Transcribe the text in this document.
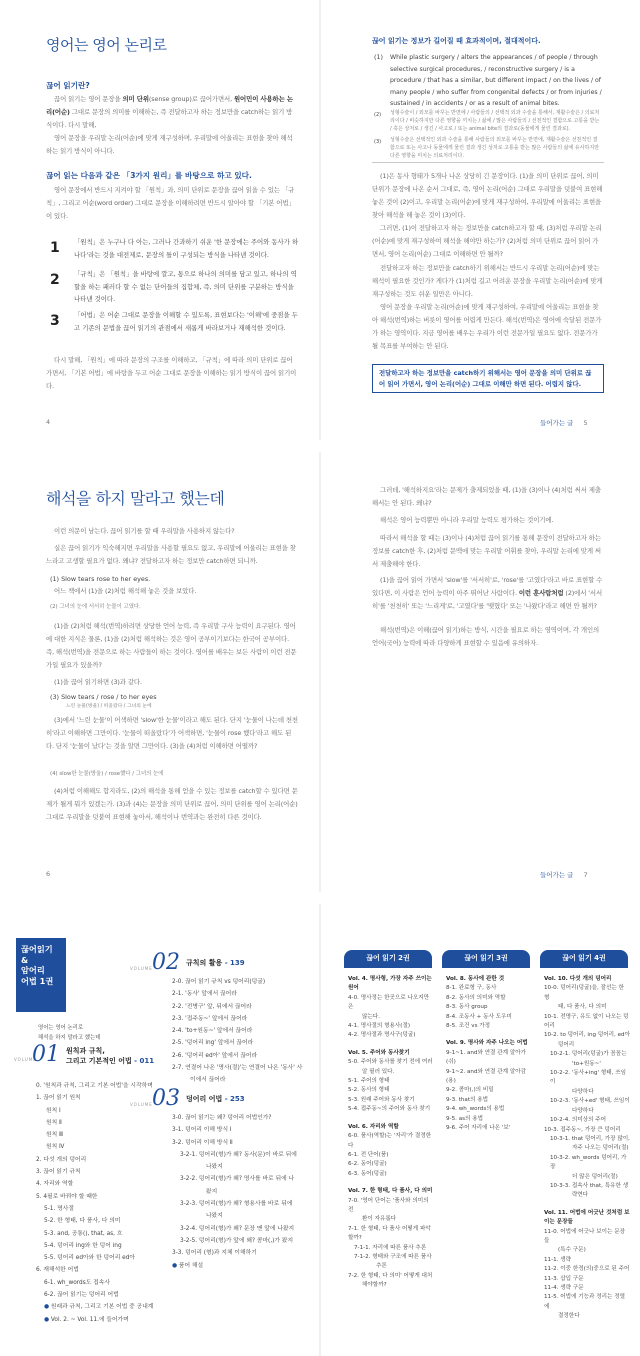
영어는 영어 논리로
끊어 읽기란?
끊어 읽기는 영어 문장을 의미 단위(sense group)로 끊어가면서, 원어민이 사용하는 논리(어순) 그대로 문장의 의미를 이해하는, 즉 전달하고자 하는 정보만을 catch하는 읽기 방식이다. 다시 말해,
영어 문장을 우리말 논리(어순)에 맞게 재구성하며, 우리말에 어울리는 표현을 찾아 해석하는 읽기 방식이 아니다.
끊어 읽는 다음과 같은 「3가지 원리」를 바탕으로 하고 있다.
영어 문장에서 반드시 지켜야 할 「원칙」과, 의미 단위로 문장을 끊어 읽을 수 있는 「규칙」, 그리고 어순(word order) 그대로 문장을 이해하려면 반드시 알아야 할 「기본 어법」이 있다.
1 「원칙」은 누구나 다 아는, 그러나 간과하기 쉬운 '한 문장에는 주어와 동사가 하나다'라는 것을 대전제로, 문장의 틀이 구성되는 방식을 나타낸 것이다.
2 「규칙」은 「원칙」을 바탕에 깔고, 통으로 하나의 의미를 담고 있고, 하나의 역할을 하는 패러다 할 수 없는 단어들의 집합체, 즉, 의미 단위를 구분하는 방식을 나타낸 것이다.
3 「어법」은 어순 그대로 문장을 이해할 수 있도록, 표현보다는 '이해'에 중점을 두고 기존의 문법을 끊어 읽기의 관점에서 새롭게 바라보거나 재해석한 것이다.
다시 말해, 「원칙」에 따라 문장의 구조를 이해하고, 「규칙」에 따라 의미 단위로 끊어 가면서, 「기본 어법」에 바탕을 두고 어순 그대로 문장을 이해하는 읽기 방식이 끊어 읽기이다.
4
끊어 읽기는 정보가 길어질 때 효과적이며, 절대적이다.
(1) While plastic surgery / alters the appearances / of people / through selective surgical procedures, / reconstructive surgery / is a procedure / that has a similar, but different impact / on the lives / of many people / who suffer from congenital defects / or from injuries / sustained / in accidents / or as a result of animal bites.
(2) 성형수술이 / 외모를 바꾸는 반면에 / 사람들의 / 선택적 외과 수술을 통해서, 재활수술은 / 의료처리이다 / 비슷하지만 다른 영향을 끼치는 / 삶에 / 많은 사람들의 / 선천적인 결함으로 고통을 받는 / 혹은 상처로 / 생긴 / 사고로 / 또는 animal bite의 결과로(동물에게 물린 결과로).
(3) 성형수술은 선택적인 외과 수술을 통해 사람들의 외모를 바꾸는 반면에, 재활수술은 선천적인 결함으로 또는 사고나 동물에게 물린 결과 생긴 상처로 고통을 받는 많은 사람들의 삶에 유사하지만 다른 영향을 미치는 의료처리이다.
(1)은 동사 형태가 5개나 나온 상당히 긴 문장이다. (1)을 의미 단위로 끊어, 의미 단위가 문장에 나온 순서 그대로, 즉, 영어 논리(어순) 그대로 우리말을 덧붙여 표현해 놓은 것이 (2)이고, 우리말 논리(어순)에 맞게 재구성하여, 우리말에 어울리는 표현을 찾아 해석을 해 놓은 것이 (3)이다.
그러면, (1)이 전달하고자 하는 정보만을 catch하고자 할 때, (3)처럼 우리말 논리(어순)에 맞게 재구성하여 해석을 해야만 하는가? (2)처럼 의미 단위로 끊어 읽어 가면서, 영어 논리(어순) 그대로 이해하면 안 될까?
전달하고자 하는 정보만을 catch하기 위해서는 반드시 우리말 논리(어순)에 맞는 해석이 필요한 것인가? 게다가 (1)처럼 길고 어려운 문장을 우리말 논리(어순)에 맞게 재구성하는 것도 쉬운 일만은 아니다.
영어 문장을 우리말 논리(어순)에 맞게 재구성하여, 우리말에 어울리는 표현을 찾아 해석(번역)하는 버릇이 영어를 어렵게 만든다. 해석(번역)은 영어에 숙달된 전문가가 하는 영역이다. 지금 영어를 배우는 우리가 이런 전문가일 필요도 없다. 전문가가 될 목표를 부여하는 안 된다.
전달하고자 하는 정보만을 catch하기 위해서는 영어 문장을 의미 단위로 끊어 읽어 가면서, 영어 논리(어순) 그대로 이해만 하면 된다. 어렵지 않다.
들어가는 글 5
해석을 하지 말라고 했는데
이런 의문이 남는다. 끊어 읽기를 할 때 우리말을 사용하지 않는다?
실은 끊어 읽기가 익숙해지면 우리말을 사용할 필요도 없고, 우리말에 어울리는 표현을 찾느라고 고생할 필요가 없다. 왜냐? 전달하고자 하는 정보만 catch하면 되니까.
(1) Slow tears rose to her eyes.
어느 책에서 (1)을 (2)처럼 해석해 놓은 것을 보았다.
(2) 그녀의 눈에 서서히 눈물이 고였다.
(1)을 (2)처럼 해석(번역)하려면 상당한 언어 능력, 즉 우리말 구사 능력이 요구된다. 영어에 대한 지식은 물론, (1)을 (2)처럼 해석하는 것은 영어 공부이기보다는 한국어 공부이다. 즉, 해석(번역)을 전문으로 하는 사람들이 하는 것이다. 영어를 배우는 보든 사람이 이런 전문가일 필요가 있을까?
(1)을 끊어 읽기하면 (3)과 같다.
(3) Slow tears / rose / to her eyes
느린 눈물(방울) / 떠올랐다 / 그녀의 눈에
(3)에서 '느린 눈물'이 어색하면 'slow'한 눈물'이라고 해도 된다. 단지 '눈물이 나는데 천천히'라고 이해하면 그만이다. '눈물이 떠올랐다'가 어색하면, '눈물이 rose 했다'라고 해도 된다. 단지 '눈물이 났다'는 것을 알면 그만이다. (3)을 (4)처럼 이해하면 어떨까?
(4) slow한 눈물(방울) / rose했다 / 그녀의 눈에
(4)처럼 이해해도 합지라도, (2)의 해석을 통해 얻을 수 있는 정보를 catch할 수 있다면 문제가 될게 뭐가 있겠는가. (3)과 (4)는 문장을 의미 단위로 끊어, 의미 단위를 영어 논리(어순) 그대로 우리말을 덧붙여 표현해 놓아서, 해석이나 번역과는 완전히 다른 것이다.
6
그러데, '해석하지요'라는 문제가 출제되었을 때, (1)을 (3)이나 (4)처럼 써서 제출해서는 안 된다. 왜냐?
해석은 영어 능력뿐만 아니라 우리말 능력도 평가하는 것이기에.
따라서 해석을 할 때는 (3)이나 (4)처럼 끊어 읽기를 통해 문장이 전달하고자 하는 정보를 catch한 후, (2)처럼 문맥에 맞는 우리말 어휘를 찾아, 우리말 논리에 맞게 써서 제출해야 한다.
(1)을 끊어 읽어 가면서 'slow'를 '서서히'로, 'rose'를 '고였다'라고 바로 표현할 수 있다면, 이 사람은 언어 능력이 아주 뛰어난 사람이다. 이런 훈사람처럼 (2)에서 '서서히'를 '천천히' 또는 '느리게'로, '고였다'를 '맺혔다' 또는 '나왔다'라고 해면 안 될까?
해석(번역)은 이해(끊어 읽기)하는 방식, 시간을 필요로 하는 영역이며, 각 개인의 언어(국어) 능력에 따라 다양하게 표현할 수 있음에 유의하자.
들어가는 글 7
끊어읽기
&
암어리
어법 1권
영어는 영어 논리로
해석을 하지 말라고 했는데
VOLUME
01 원칙과 규칙,
그리고 기본적인 어법 - 011
0. '원칙과 규칙, 그리고 기본 어법'을 시작하며
1. 끊어 읽기 원칙
원칙 Ⅰ
원칙 Ⅱ
원칙 Ⅲ
원칙 Ⅳ
2. 다섯 개의 덩어리
3. 끊어 읽기 규칙
4. 자리와 역할
5. 4필로 바꿔야 할 때한
5-1. 명사절
5-2. 한 형태, 다 품사, 다 의미
5-3. and, 공통(), that, as, 흐
5-4. 덩어리 ing와 한 덩어 ing
5-5. 덩어리 ed아와 한 덩어리 ed아
6. 재해석한 어법
6-1. wh_words도 접속사
6-2. 끊어 읽기는 덩어리 어법
● 원래과 규칙, 그리고 기본 어법 중 공내계
● Vol. 2. ~ Vol. 11.에 들어가며
VOLUME 02 규칙의 활용 - 139
2-0. 끊어 읽기 규칙 vs 덩어리(덩굴)
2-1. '동사' 앞에서 끊어라
2-2. '전병구' 앞, 뒤에서 끊어라
2-3. '접주동~' 앞에서 끊어라
2-4. 'to+원동~' 앞에서 끊어라
2-5. '덩어리 ing' 앞에서 끊어라
2-6. '덩어리 ed아' 앞에서 끊어라
2-7. 연결어 나온 '명사(절)'는 연결어 나온 '동사' 사
이에서 끊어라
VOLUME 03 덩어리 어법 - 253
3-0. 끊어 읽기는 왜? 덩어리 어법인가?
3-1. 덩어리 이해 방식 Ⅰ
3-2. 덩어리 이해 방식 Ⅱ
3-2-1. 덩어리(형)가 왜? 동사(문)이 바로 뒤에
나왔지
3-2-2. 덩어리(형)가 왜? 명사를 바로 뒤에 나
왔지
3-2-3. 덩어리(형)가 왜? 형용사를 바로 뒤에
나왔지
3-2-4. 덩어리(형)가 왜? 문장 맨 앞에 나왔지
3-2-5. 덩어리(형)가 앞에 왜? 콤마(,)가 왔지
3-3. 덩어리 (형)과 지체 이해하기
● 품어 해설
끊어 읽기 2권
Vol. 4. 명사형, 가장 자주 쓰이는 원어
4-0. 명사정는 한곳으로 나오지만은
않는다.
4-1. 명사절의 형용사(절)
4-2. 명사절과 명사구(덩굴)
Vol. 5. 주어와 동사찾기
5-0. 주어와 동사를 찾기 전에 여러
알 필러 있다.
5-1. 주어의 형태
5-2. 동사의 형태
5-3. 원래 주어와 동사 찾기
5-4. 접주동~의 주어와 동사 찾기
Vol. 6. 자리와 역할
6-0. 품사(역할)는 '자리'가 결정한다
6-1. 전 단어(품)
6-2. 동어(덩굴)
6-3. 동어(덩굴)
Vol. 7. 한 형태, 다 품사, 다 의미
7-0. '영어 단어는 '품사와 의미의 전
환이 자유롭다
7-1. 한 형태, 다 품사 어떻게 파악할까?
7-1-1. 자리에 따른 품사 추론
7-1-2. 형태와 구조에 따른 품사
추론
7-2. 한 형태, 다 의미' 어떻게 대처
해야할까?
끊어 읽기 3권
Vol. 8. 동사에 관한 것
8-1. 완료형 구, 동사
8-2. 동사의 의미와 역할
8-3. 동사 group
8-4. 조동사 + 동사 도우미
8-5. 조건 vs 가정
Vol. 9. 명사와 자주 나오는 어법
9-1~1. and와 연결 관계 알아가(쉬)
9-1~2. and와 연결 관계 알아감(용)
9-2. 콤마(,)의 비밀
9-3. that의 용법
9-4. wh_words의 용법
9-5. as의 용법
9-6. 주어 자리에 나온 '보'
끊어 읽기 4권
Vol. 10. 다섯 개의 덩어리
10-0. 덩어리(덩굴)을, 잘선는 한 형
태, 다 품사, 다 의미
10-1. 전명구, 유도 없이 나오는 덩어리
10-2. to 덩어리, ing 덩어리, ed아
덩어리
10-2-1. 덩어리(덩굴)가 꼼꼼는
'to+원동~'
10-2-2. '동사+ing' 형태, 쓰임이
다양하다
10-2-3. '동사+ed' 형태, 쓰임이
다양하다
10-2-4. 의미상의 주어
10-3. 접주동~, 가장 큰 덩어리
10-3-1. that 덩어리, 가장 많이,
자주 나오는 덩어리(절)
10-3-2. wh_words 덩어리, 가장
더 많은 덩어리(절)
10-3-3. 접속사 that, 특유한 생
략현다
Vol. 11. 어법에 어긋난 것처럼 보이는 문장들
11-0. 어법에 어긋나 보이는 문장들
(특수 구문)
11-1. 생략
11-2. 이중 한정(의)중으로 된 주어
11-3. 삽입 구문
11-4. 생략 구문
11-5. 어법에 기능과 정리는 정렬에
결정한다
